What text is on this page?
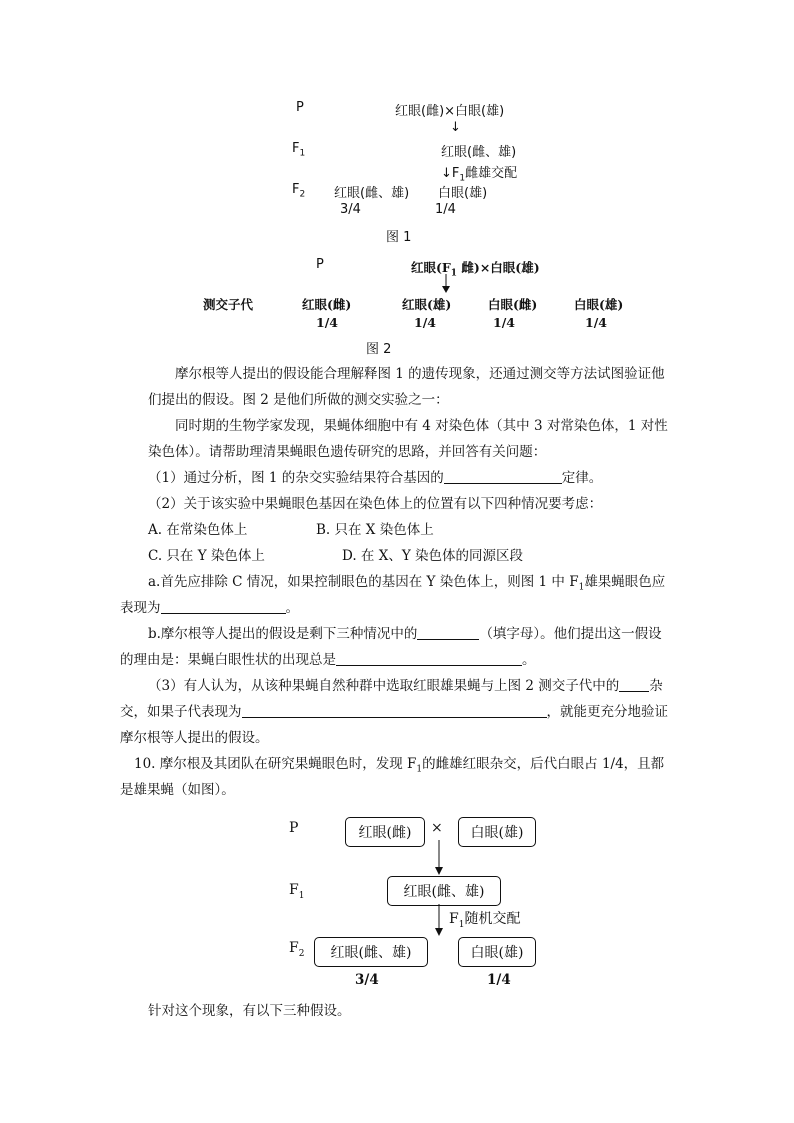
P	红眼(雌)×白眼(雄)
↓
$F_1$	红眼(雌、雄)
$↓F_1$雌雄交配
$F_2$ 红眼(雌、雄) 白眼(雄)
3/4	1/4
图 1
P	红眼($F_1$ 雌)×白眼(雄)
测交子代	红眼(雌)	红眼(雄)	白眼(雌)	白眼(雄)
1/4	1/4	1/4	1/4
图 2
摩尔根等人提出的假设能合理解释图 1 的遗传现象，还通过测交等方法试图验证他们提出的假设。图 2 是他们所做的测交实验之一：
同时期的生物学家发现，果蝇体细胞中有 4 对染色体（其中 3 对常染色体，1 对性染色体）。请帮助理清果蝇眼色遗传研究的思路，并回答有关问题：
（1）通过分析，图 1 的杂交实验结果符合基因的	定律。
（2）关于该实验中果蝇眼色基因在染色体上的位置有以下四种情况要考虑：
A. 在常染色体上	B. 只在 X 染色体上
C. 只在 Y 染色体上	D. 在 X、Y 染色体的同源区段
a.首先应排除 C 情况，如果控制眼色的基因在 Y 染色体上，则图 1 中 $F_1$雄果蝇眼色应
表现为	。
b.摩尔根等人提出的假设是剩下三种情况中的	（填字母）。他们提出这一假设
的理由是：果蝇白眼性状的出现总是	。
（3）有人认为，从该种果蝇自然种群中选取红眼雄果蝇与上图 2 测交子代中的 杂
交，如果子代表现为	，就能更充分地验证
摩尔根等人提出的假设。
10. 摩尔根及其团队在研究果蝇眼色时，发现 $F_1$的雌雄红眼杂交，后代白眼占 1/4，且都
是雄果蝇（如图）。
P	红眼(雌)	×	白眼(雄)
$F_1$	红眼(雌、雄)
$F_1$随机交配
$F_2$	红眼(雌、雄)	白眼(雄)
3/4	1/4
针对这个现象，有以下三种假设。
